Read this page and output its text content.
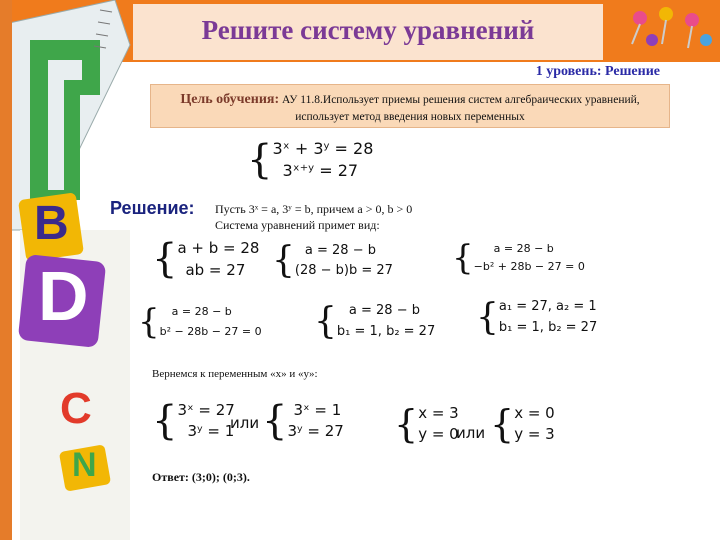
Решите систему уравнений
B
D
C
N
1 уровень: Решение
Цель обучения: АУ 11.8.Использует приемы решения систем алгебраических уравнений, использует метод введения новых переменных
{ 3ˣ + 3ʸ = 28
3ˣ⁺ʸ = 27
Решение: Пусть 3ˣ = a, 3ʸ = b, причем a > 0, b > 0
Система уравнений примет вид:
{ a + b = 28
ab = 27 { a = 28 − b
(28 − b)b = 27 {	a = 28 − b
−b² + 28b − 27 = 0
{	a = 28 − b
b² − 28b − 27 = 0 { a = 28 − b
b₁ = 1, b₂ = 27 { a₁ = 27, a₂ = 1
b₁ = 1, b₂ = 27
Вернемся к переменным «x» и «y»:
{ 3ˣ = 27
3ʸ = 1
или { 3ˣ = 1
3ʸ = 27 { x = 3
y = 0
или { x = 0
y = 3
Ответ: (3;0); (0;3).
